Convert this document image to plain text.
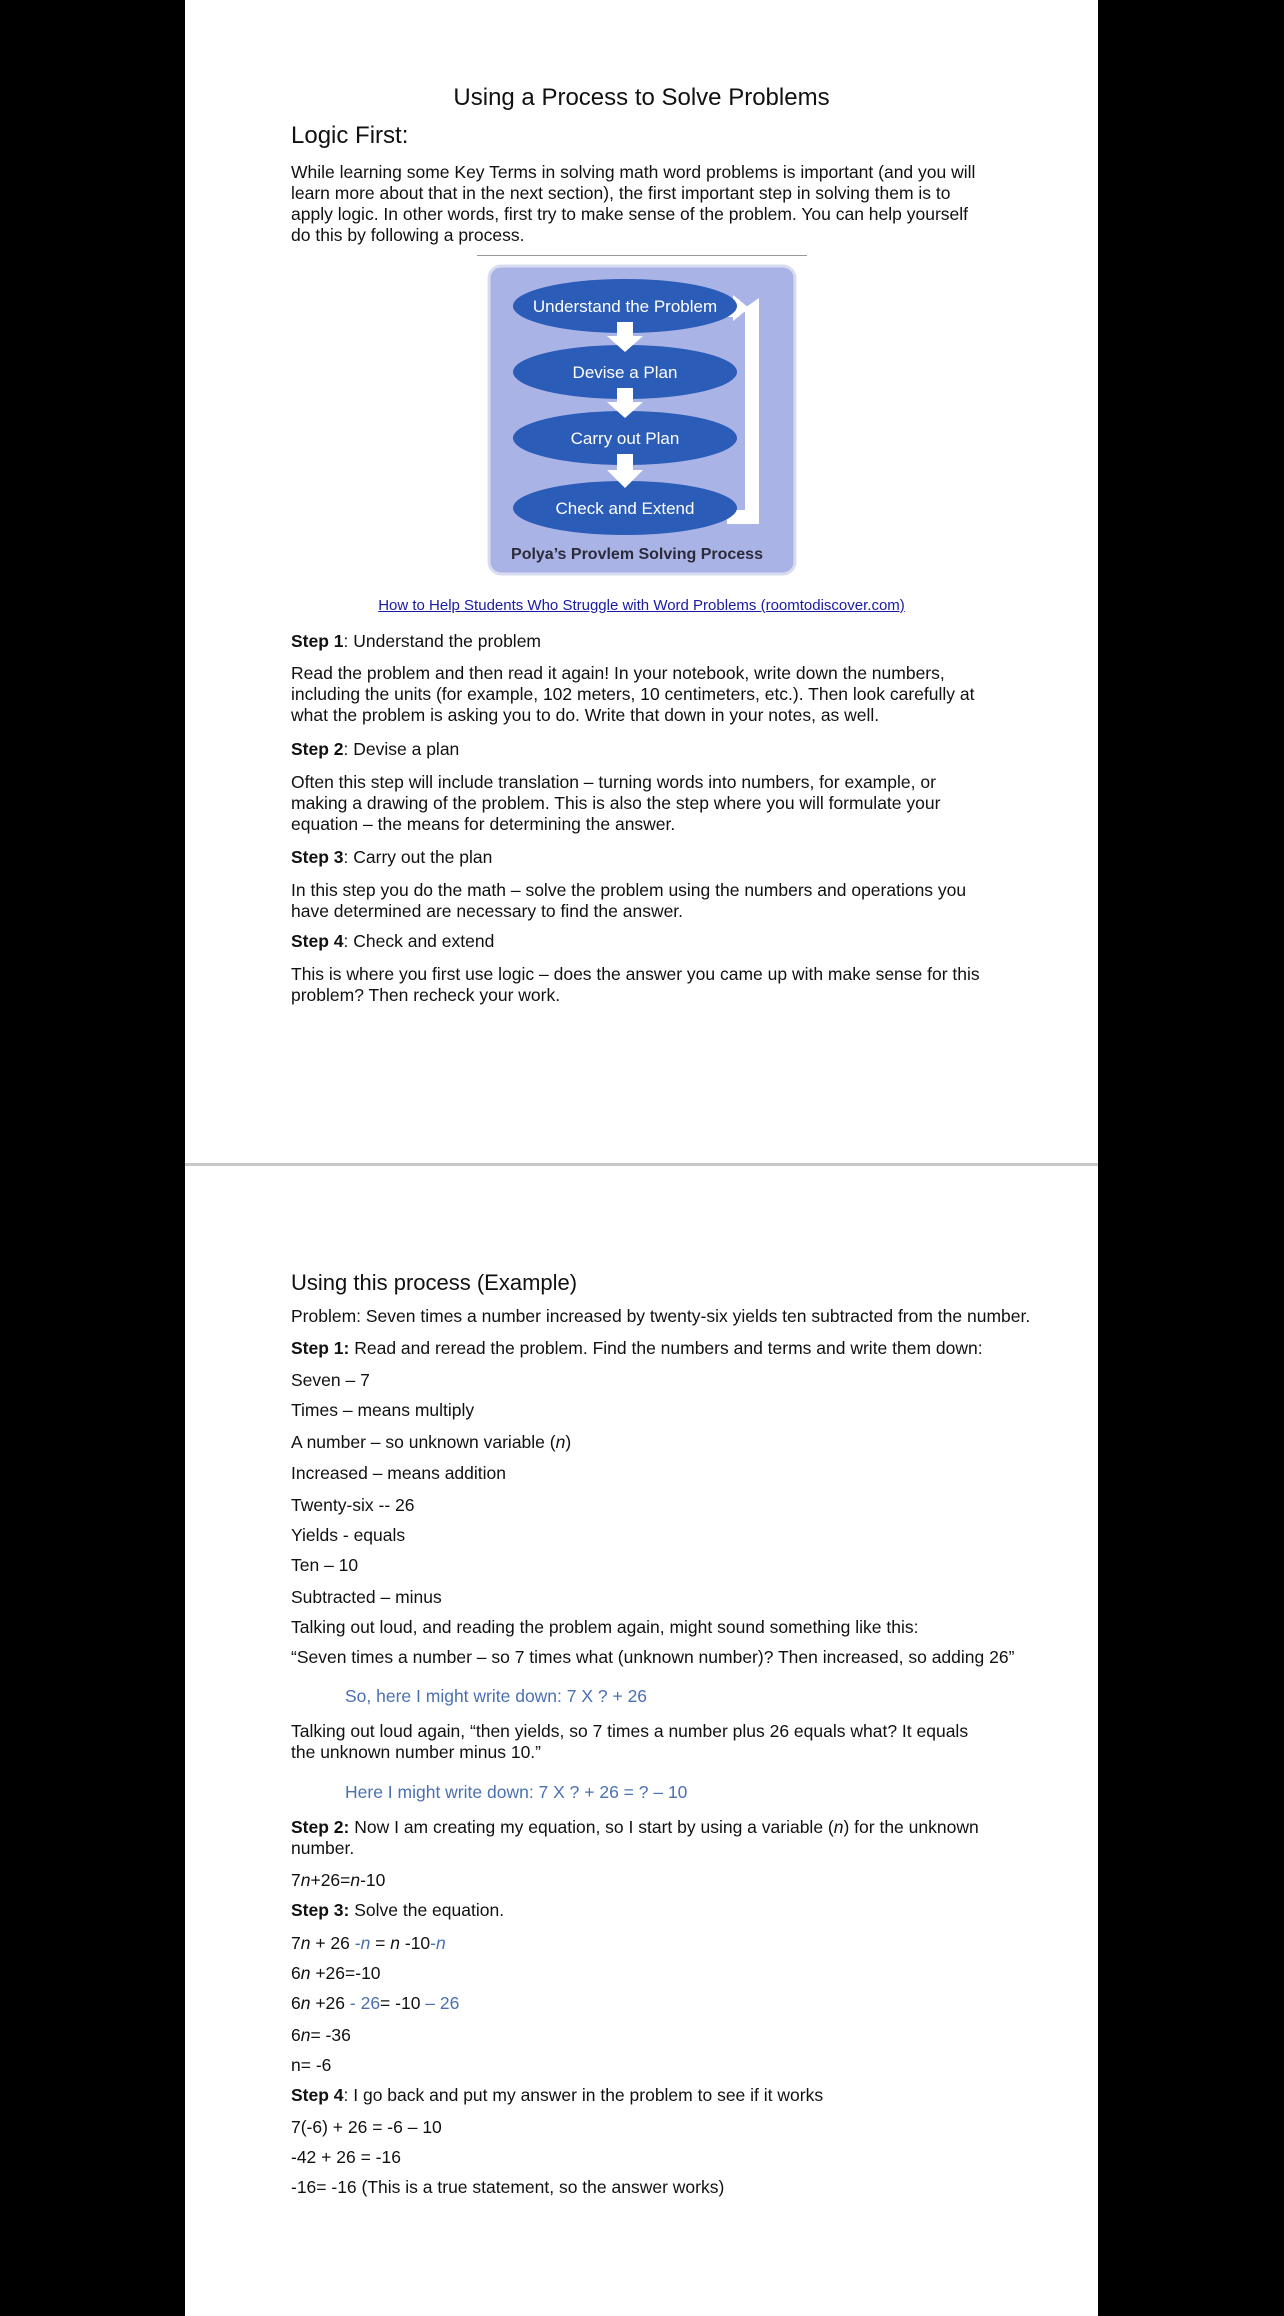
Using a Process to Solve Problems
Logic First:
While learning some Key Terms in solving math word problems is important (and you will learn more about that in the next section), the first important step in solving them is to apply logic. In other words, first try to make sense of the problem. You can help yourself do this by following a process.
Understand the Problem
Devise a Plan
Carry out Plan
Check and Extend
Polya’s Provlem Solving Process
How to Help Students Who Struggle with Word Problems (roomtodiscover.com)
Step 1: Understand the problem
Read the problem and then read it again! In your notebook, write down the numbers, including the units (for example, 102 meters, 10 centimeters, etc.). Then look carefully at what the problem is asking you to do. Write that down in your notes, as well.
Step 2: Devise a plan
Often this step will include translation – turning words into numbers, for example, or making a drawing of the problem. This is also the step where you will formulate your equation – the means for determining the answer.
Step 3: Carry out the plan
In this step you do the math – solve the problem using the numbers and operations you have determined are necessary to find the answer.
Step 4: Check and extend
This is where you first use logic – does the answer you came up with make sense for this problem? Then recheck your work.
Using this process (Example)
Problem: Seven times a number increased by twenty-six yields ten subtracted from the number.
Step 1: Read and reread the problem. Find the numbers and terms and write them down:
Seven – 7
Times – means multiply
A number – so unknown variable (n)
Increased – means addition
Twenty-six -- 26
Yields - equals
Ten – 10
Subtracted – minus
Talking out loud, and reading the problem again, might sound something like this:
“Seven times a number – so 7 times what (unknown number)? Then increased, so adding 26”
So, here I might write down: 7 X ? + 26
Talking out loud again, “then yields, so 7 times a number plus 26 equals what? It equals the unknown number minus 10.”
Here I might write down: 7 X ? + 26 = ? – 10
Step 2: Now I am creating my equation, so I start by using a variable (n) for the unknown number.
7n+26=n-10
Step 3: Solve the equation.
7n + 26 -n = n -10-n
6n +26=-10
6n +26 - 26= -10 – 26
6n= -36
n= -6
Step 4: I go back and put my answer in the problem to see if it works
7(-6) + 26 = -6 – 10
-42 + 26 = -16
-16= -16 (This is a true statement, so the answer works)
